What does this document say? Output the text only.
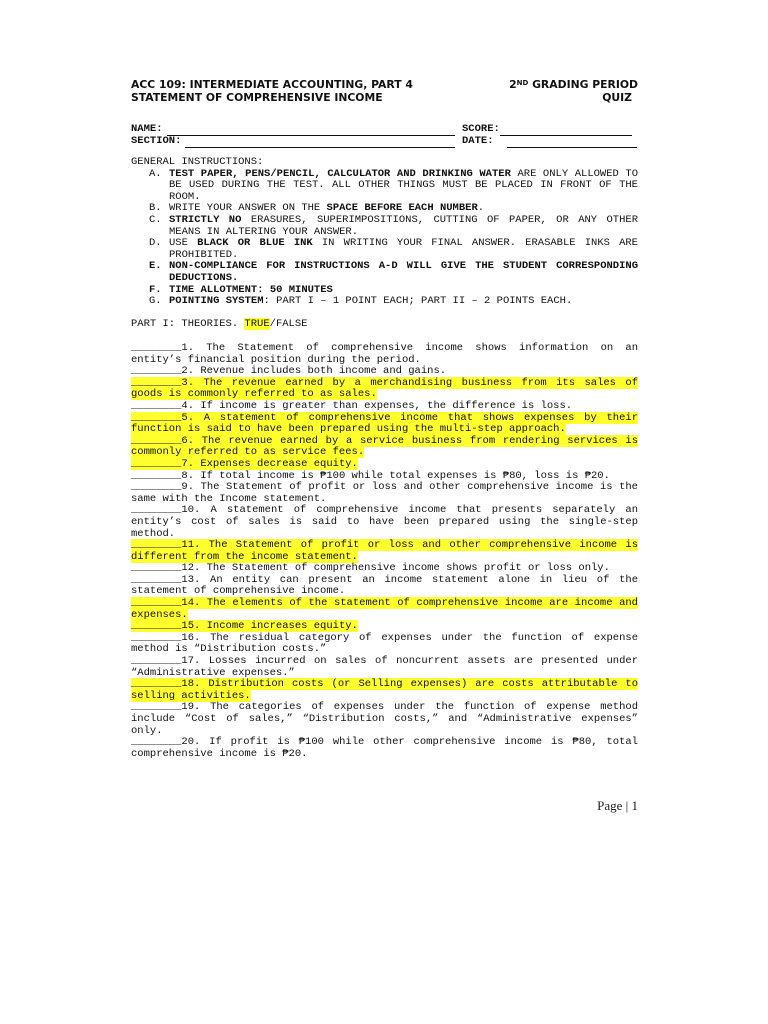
ACC 109: INTERMEDIATE ACCOUNTING, PART 4	2ND GRADING PERIOD
STATEMENT OF COMPREHENSIVE INCOME	QUIZ
NAME:	SCORE:
SECTION:	DATE:
GENERAL INSTRUCTIONS:
A. TEST PAPER, PENS/PENCIL, CALCULATOR AND DRINKING WATER ARE ONLY ALLOWED TO BE USED DURING THE TEST. ALL OTHER THINGS MUST BE PLACED IN FRONT OF THE ROOM.
B. WRITE YOUR ANSWER ON THE SPACE BEFORE EACH NUMBER.
C. STRICTLY NO ERASURES, SUPERIMPOSITIONS, CUTTING OF PAPER, OR ANY OTHER MEANS IN ALTERING YOUR ANSWER.
D. USE BLACK OR BLUE INK IN WRITING YOUR FINAL ANSWER. ERASABLE INKS ARE PROHIBITED.
E. NON-COMPLIANCE FOR INSTRUCTIONS A-D WILL GIVE THE STUDENT CORRESPONDING DEDUCTIONS.
F. TIME ALLOTMENT: 50 MINUTES
G. POINTING SYSTEM: PART I – 1 POINT EACH; PART II – 2 POINTS EACH.
PART I: THEORIES. TRUE/FALSE

________1. The Statement of comprehensive income shows information on an entity’s financial position during the period.

________2. Revenue includes both income and gains.

________3. The revenue earned by a merchandising business from its sales of goods is commonly referred to as sales.

________4. If income is greater than expenses, the difference is loss.

________5. A statement of comprehensive income that shows expenses by their function is said to have been prepared using the multi-step approach.

________6. The revenue earned by a service business from rendering services is commonly referred to as service fees.

________7. Expenses decrease equity.

________8. If total income is ₱100 while total expenses is ₱80, loss is ₱20.

________9. The Statement of profit or loss and other comprehensive income is the same with the Income statement.

________10. A statement of comprehensive income that presents separately an entity’s cost of sales is said to have been prepared using the single-step method.

________11. The Statement of profit or loss and other comprehensive income is different from the income statement.

________12. The Statement of comprehensive income shows profit or loss only.

________13. An entity can present an income statement alone in lieu of the statement of comprehensive income.

________14. The elements of the statement of comprehensive income are income and expenses.

________15. Income increases equity.

________16. The residual category of expenses under the function of expense method is “Distribution costs.”

________17. Losses incurred on sales of noncurrent assets are presented under “Administrative expenses.”

________18. Distribution costs (or Selling expenses) are costs attributable to selling activities.

________19. The categories of expenses under the function of expense method include “Cost of sales,” “Distribution costs,” and “Administrative expenses” only.

________20. If profit is ₱100 while other comprehensive income is ₱80, total comprehensive income is ₱20.

Page | 1
